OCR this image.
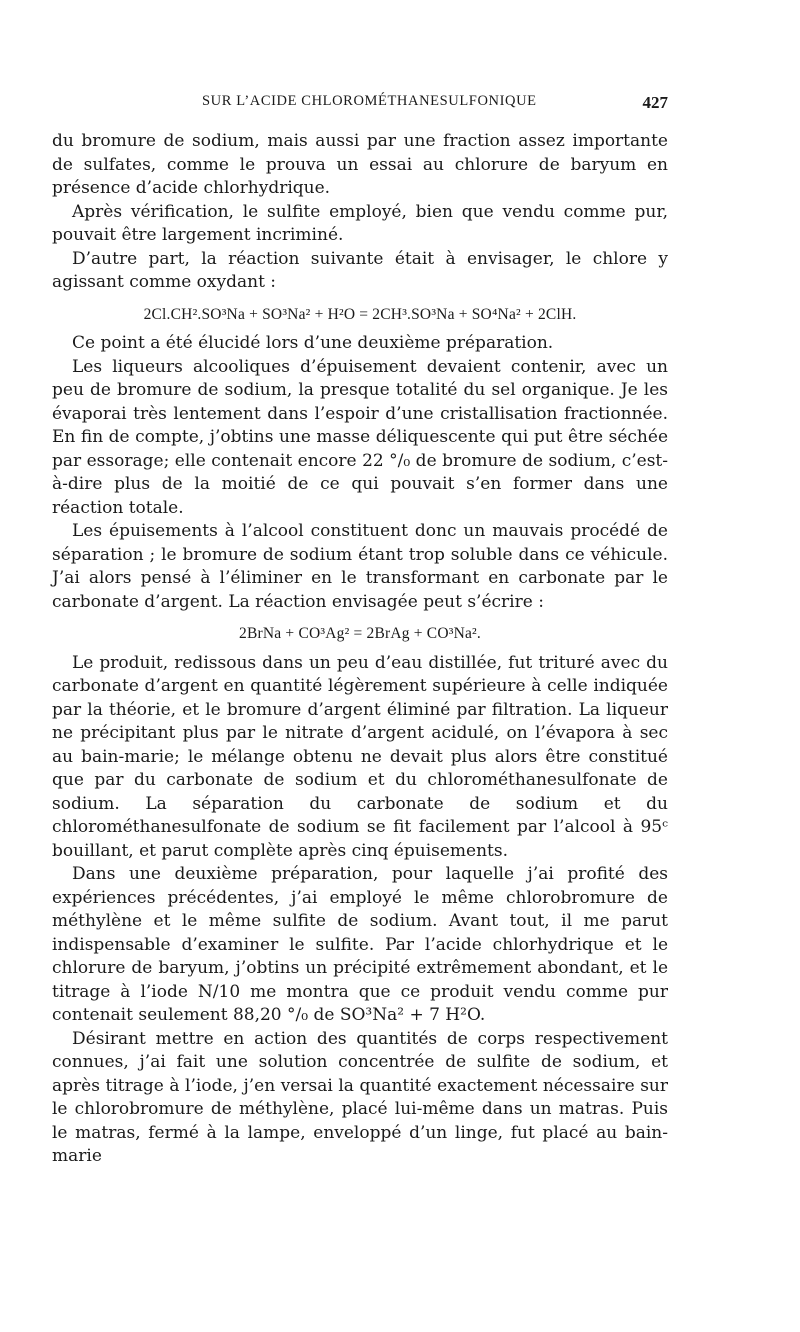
SUR L’ACIDE CHLOROMÉTHANESULFONIQUE	427

du bromure de sodium, mais aussi par une fraction assez importante de sulfates, comme le prouva un essai au chlorure de baryum en présence d’acide chlorhydrique.

Après vérification, le sulfite employé, bien que vendu comme pur, pouvait être largement incriminé.

D’autre part, la réaction suivante était à envisager, le chlore y agissant comme oxydant :

2Cl.CH².SO³Na + SO³Na² + H²O = 2CH³.SO³Na + SO⁴Na² + 2ClH.

Ce point a été élucidé lors d’une deuxième préparation.

Les liqueurs alcooliques d’épuisement devaient contenir, avec un peu de bromure de sodium, la presque totalité du sel organique. Je les évaporai très lentement dans l’espoir d’une cristallisation fractionnée. En fin de compte, j’obtins une masse déliquescente qui put être séchée par essorage; elle contenait encore 22 °/₀ de bromure de sodium, c’est-à-dire plus de la moitié de ce qui pouvait s’en former dans une réaction totale.

Les épuisements à l’alcool constituent donc un mauvais procédé de séparation ; le bromure de sodium étant trop soluble dans ce véhicule. J’ai alors pensé à l’éliminer en le transformant en carbonate par le carbonate d’argent. La réaction envisagée peut s’écrire :

2BrNa + CO³Ag² = 2BrAg + CO³Na².

Le produit, redissous dans un peu d’eau distillée, fut trituré avec du carbonate d’argent en quantité légèrement supérieure à celle indiquée par la théorie, et le bromure d’argent éliminé par filtration. La liqueur ne précipitant plus par le nitrate d’argent acidulé, on l’évapora à sec au bain-marie; le mélange obtenu ne devait plus alors être constitué que par du carbonate de sodium et du chlorométhanesulfonate de sodium. La séparation du carbonate de sodium et du chlorométhanesulfonate de sodium se fit facilement par l’alcool à 95ᶜ bouillant, et parut complète après cinq épuisements.

Dans une deuxième préparation, pour laquelle j’ai profité des expériences précédentes, j’ai employé le même chlorobromure de méthylène et le même sulfite de sodium. Avant tout, il me parut indispensable d’examiner le sulfite. Par l’acide chlorhydrique et le chlorure de baryum, j’obtins un précipité extrêmement abondant, et le titrage à l’iode N/10 me montra que ce produit vendu comme pur contenait seulement 88,20 °/₀ de SO³Na² + 7 H²O.

Désirant mettre en action des quantités de corps respectivement connues, j’ai fait une solution concentrée de sulfite de sodium, et après titrage à l’iode, j’en versai la quantité exactement nécessaire sur le chlorobromure de méthylène, placé lui-même dans un matras. Puis le matras, fermé à la lampe, enveloppé d’un linge, fut placé au bain-marie
